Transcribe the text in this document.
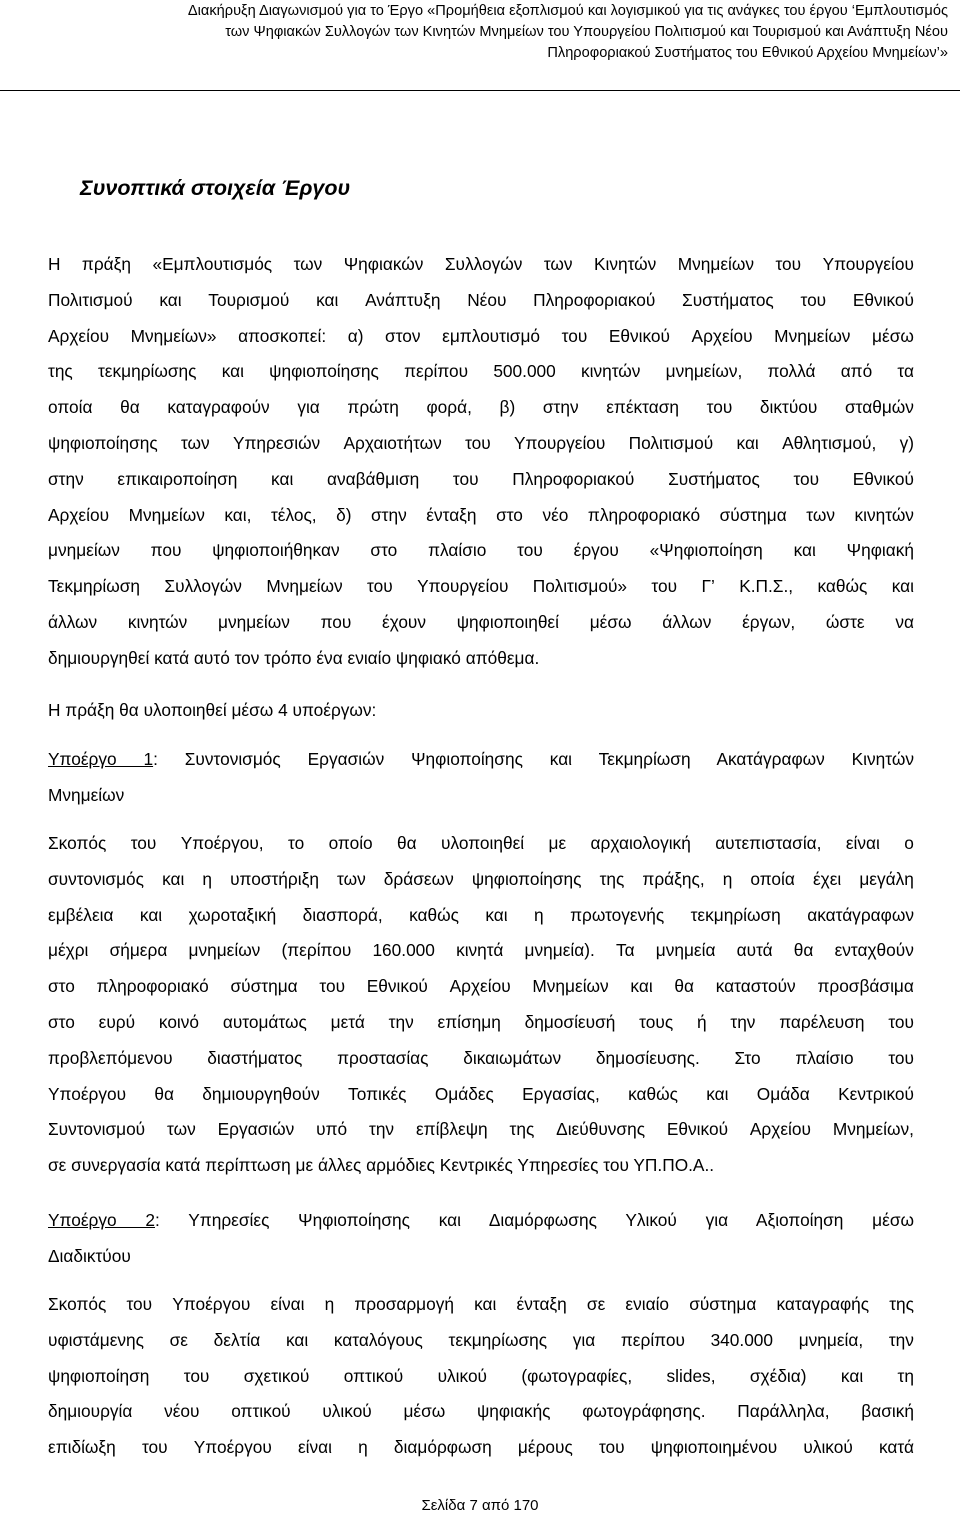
Διακήρυξη Διαγωνισμού για το Έργο «Προμήθεια εξοπλισμού και λογισμικού για τις ανάγκες του έργου ‘Εμπλουτισμός
των Ψηφιακών Συλλογών των Κινητών Μνημείων του Υπουργείου Πολιτισμού και Τουρισμού και Ανάπτυξη Νέου
Πληροφοριακού Συστήματος του Εθνικού Αρχείου Μνημείων’»
Συνοπτικά στοιχεία Έργου
Η πράξη «Εμπλουτισμός των Ψηφιακών Συλλογών των Κινητών Μνημείων του Υπουργείου
Πολιτισμού και Τουρισμού και Ανάπτυξη Νέου Πληροφοριακού Συστήματος του Εθνικού
Αρχείου Μνημείων» αποσκοπεί: α) στον εμπλουτισμό του Εθνικού Αρχείου Μνημείων μέσω
της τεκμηρίωσης και ψηφιοποίησης περίπου 500.000 κινητών μνημείων, πολλά από τα
οποία θα καταγραφούν για πρώτη φορά, β) στην επέκταση του δικτύου σταθμών
ψηφιοποίησης των Υπηρεσιών Αρχαιοτήτων του Υπουργείου Πολιτισμού και Αθλητισμού, γ)
στην επικαιροποίηση και αναβάθμιση του Πληροφοριακού Συστήματος του Εθνικού
Αρχείου Μνημείων και, τέλος, δ) στην ένταξη στο νέο πληροφοριακό σύστημα των κινητών
μνημείων που ψηφιοποιήθηκαν στο πλαίσιο του έργου «Ψηφιοποίηση και Ψηφιακή
Τεκμηρίωση Συλλογών Μνημείων του Υπουργείου Πολιτισμού» του Γ’ Κ.Π.Σ., καθώς και
άλλων κινητών μνημείων που έχουν ψηφιοποιηθεί μέσω άλλων έργων, ώστε να
δημιουργηθεί κατά αυτό τον τρόπο ένα ενιαίο ψηφιακό απόθεμα.
Η πράξη θα υλοποιηθεί μέσω 4 υποέργων:
Υποέργο 1: Συντονισμός Εργασιών Ψηφιοποίησης και Τεκμηρίωση Ακατάγραφων Κινητών
Μνημείων
Σκοπός του Υποέργου, το οποίο θα υλοποιηθεί με αρχαιολογική αυτεπιστασία, είναι ο
συντονισμός και η υποστήριξη των δράσεων ψηφιοποίησης της πράξης, η οποία έχει μεγάλη
εμβέλεια και χωροταξική διασπορά, καθώς και η πρωτογενής τεκμηρίωση ακατάγραφων
μέχρι σήμερα μνημείων (περίπου 160.000 κινητά μνημεία). Τα μνημεία αυτά θα ενταχθούν
στο πληροφοριακό σύστημα του Εθνικού Αρχείου Μνημείων και θα καταστούν προσβάσιμα
στο ευρύ κοινό αυτομάτως μετά την επίσημη δημοσίευσή τους ή την παρέλευση του
προβλεπόμενου διαστήματος προστασίας δικαιωμάτων δημοσίευσης. Στο πλαίσιο του
Υποέργου θα δημιουργηθούν Τοπικές Ομάδες Εργασίας, καθώς και Ομάδα Κεντρικού
Συντονισμού των Εργασιών υπό την επίβλεψη της Διεύθυνσης Εθνικού Αρχείου Μνημείων,
σε συνεργασία κατά περίπτωση με άλλες αρμόδιες Κεντρικές Υπηρεσίες του ΥΠ.ΠΟ.Α..
Υποέργο 2: Υπηρεσίες Ψηφιοποίησης και Διαμόρφωσης Υλικού για Αξιοποίηση μέσω
Διαδικτύου
Σκοπός του Υποέργου είναι η προσαρμογή και ένταξη σε ενιαίο σύστημα καταγραφής της
υφιστάμενης σε δελτία και καταλόγους τεκμηρίωσης για περίπου 340.000 μνημεία, την
ψηφιοποίηση του σχετικού οπτικού υλικού (φωτογραφίες, slides, σχέδια) και τη
δημιουργία νέου οπτικού υλικού μέσω ψηφιακής φωτογράφησης. Παράλληλα, βασική
επιδίωξη του Υποέργου είναι η διαμόρφωση μέρους του ψηφιοποιημένου υλικού κατά
Σελίδα 7 από 170
